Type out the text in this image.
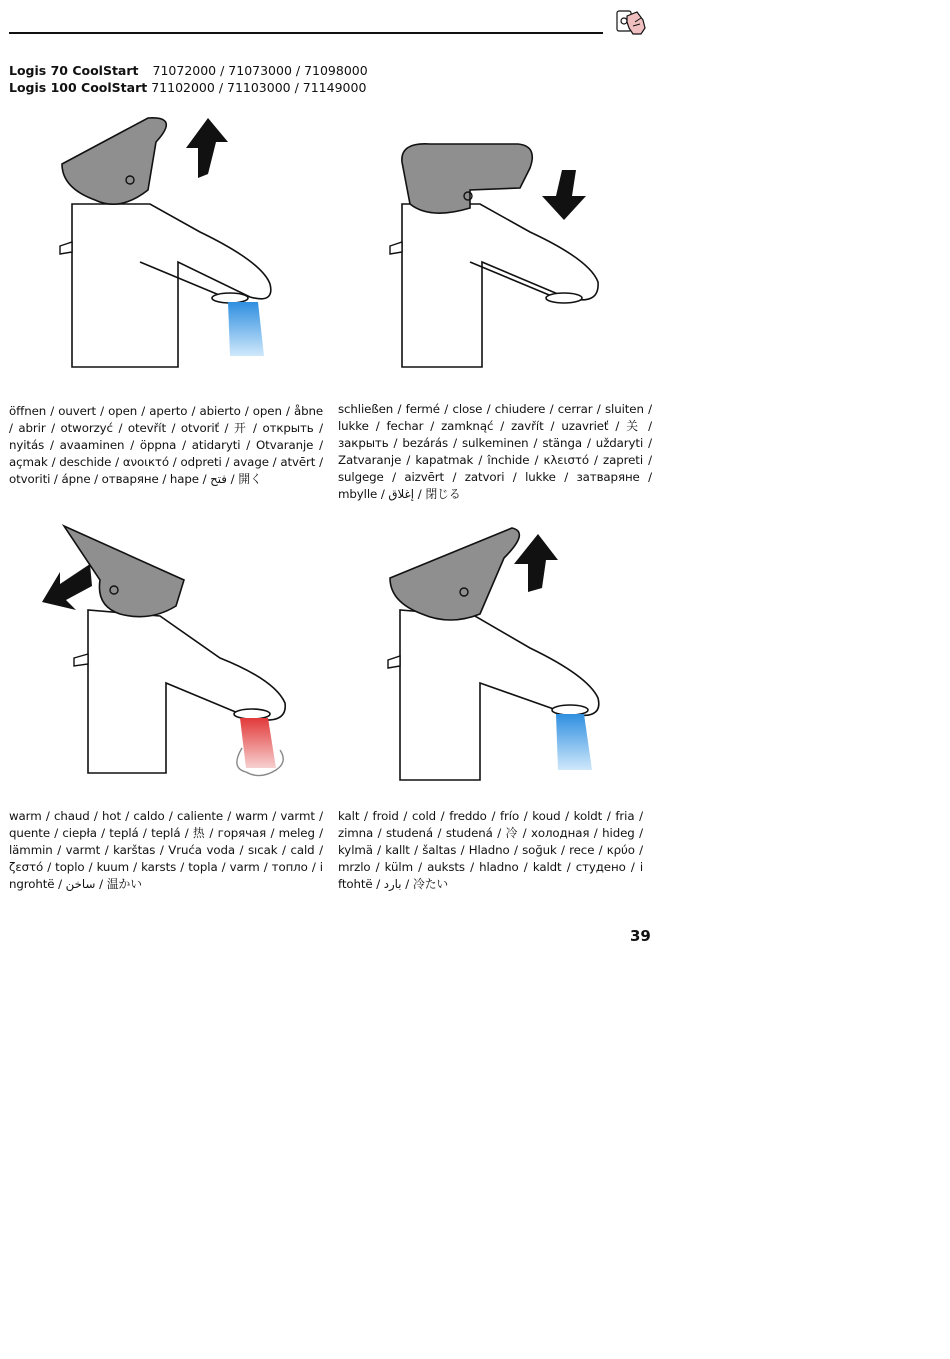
Logis 70 CoolStart 71072000 / 71073000 / 71098000
Logis 100 CoolStart 71102000 / 71103000 / 71149000
öffnen / ouvert / open / aperto / abierto / open / åbne / abrir / otworzyć / otevřít / otvoriť / 开 / открыть / nyitás / avaaminen / öppna / atidaryti / Otvaranje / açmak / deschide / ανοικτό / odpreti / avage / atvērt / otvoriti / ápne / отваряне / hape / فتح / 開く
schließen / fermé / close / chiudere / cerrar / sluiten / lukke / fechar / zamknąć / zavřít / uzavrieť / 关 / закрыть / bezárás / sulkeminen / stänga / uždaryti / Zatvaranje / kapatmak / închide / κλειστό / zapreti / sulgege / aizvērt / zatvori / lukke / затваряне / mbylle / إغلاق / 閉じる
warm / chaud / hot / caldo / caliente / warm / varmt / quente / ciepła / teplá / teplá / 热 / горячая / meleg / lämmin / varmt / karštas / Vruća voda / sıcak / cald / ζεστό / toplo / kuum / karsts / topla / varm / топло / i ngrohtë / ساخن / 温かい
kalt / froid / cold / freddo / frío / koud / koldt / fria / zimna / studená / studená / 冷 / холодная / hideg / kylmä / kallt / šaltas / Hladno / soğuk / rece / κρύο / mrzlo / külm / auksts / hladno / kaldt / студено / i ftohtë / بارد / 冷たい
39
